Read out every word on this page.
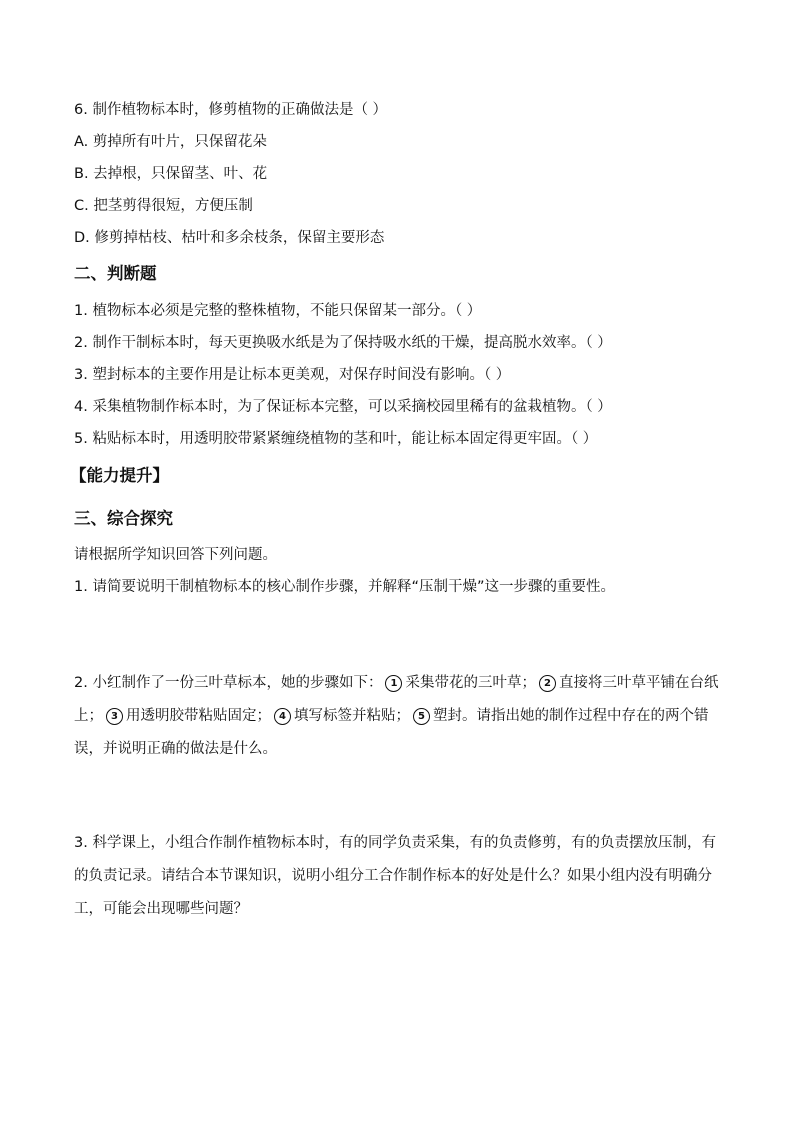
6. 制作植物标本时，修剪植物的正确做法是（ ）
A. 剪掉所有叶片，只保留花朵
B. 去掉根，只保留茎、叶、花
C. 把茎剪得很短，方便压制
D. 修剪掉枯枝、枯叶和多余枝条，保留主要形态
二、判断题
1. 植物标本必须是完整的整株植物，不能只保留某一部分。（ ）
2. 制作干制标本时，每天更换吸水纸是为了保持吸水纸的干燥，提高脱水效率。（ ）
3. 塑封标本的主要作用是让标本更美观，对保存时间没有影响。（ ）
4. 采集植物制作标本时，为了保证标本完整，可以采摘校园里稀有的盆栽植物。（ ）
5. 粘贴标本时，用透明胶带紧紧缠绕植物的茎和叶，能让标本固定得更牢固。（ ）
【能力提升】
三、综合探究
请根据所学知识回答下列问题。
1. 请简要说明干制植物标本的核心制作步骤，并解释“压制干燥”这一步骤的重要性。
2. 小红制作了一份三叶草标本，她的步骤如下： 1 采集带花的三叶草； 2 直接将三叶草平铺在台纸上； 3 用透明胶带粘贴固定； 4 填写标签并粘贴； 5 塑封。请指出她的制作过程中存在的两个错误，并说明正确的做法是什么。
3. 科学课上，小组合作制作植物标本时，有的同学负责采集，有的负责修剪，有的负责摆放压制，有的负责记录。请结合本节课知识，说明小组分工合作制作标本的好处是什么？如果小组内没有明确分工，可能会出现哪些问题？
